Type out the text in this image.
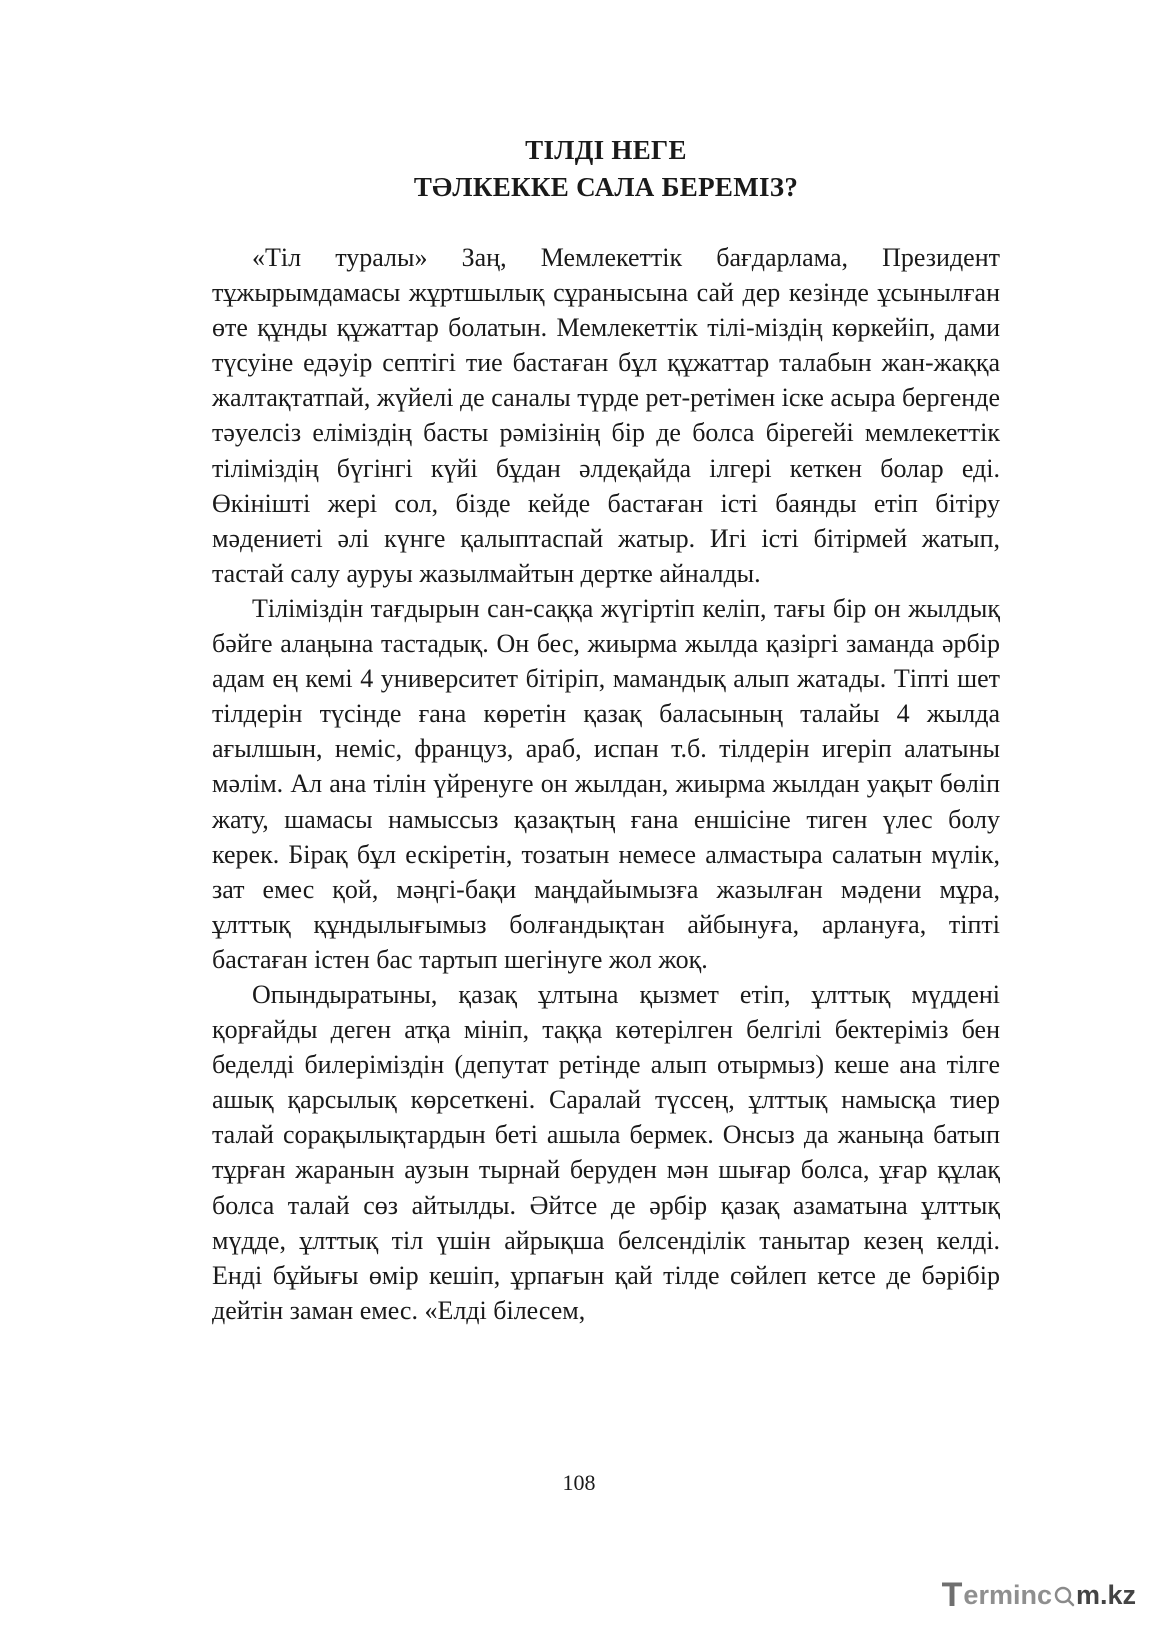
ТІЛДІ НЕГЕ
ТӘЛКЕККЕ САЛА БЕРЕМІЗ?

«Тіл туралы» Заң, Мемлекеттік бағдарлама, Президент тұжырымдамасы жұртшылық сұранысына сай дер кезінде ұсынылған өте құнды құжаттар болатын. Мемлекеттік тілі-міздің көркейіп, дами түсуіне едәуір септігі тие бастаған бұл құжаттар талабын жан-жаққа жалтақтатпай, жүйелі де саналы түрде рет-ретімен іске асыра бергенде тәуелсіз еліміздің басты рәмізінің бір де болса бірегейі мемлекеттік тіліміздің бүгінгі күйі бұдан әлдеқайда ілгері кеткен болар еді. Өкінішті жері сол, бізде кейде бастаған істі баянды етіп бітіру мәдениеті әлі күнге қалыптаспай жатыр. Игі істі бітірмей жатып, тастай салу ауруы жазылмайтын дертке айналды.

Тіліміздін тағдырын сан-саққа жүгіртіп келіп, тағы бір он жылдық бәйге алаңына тастадық. Он бес, жиырма жылда қазіргі заманда әрбір адам ең кемі 4 университет бітіріп, мамандық алып жатады. Тіпті шет тілдерін түсінде ғана көретін қазақ баласының талайы 4 жылда ағылшын, неміс, француз, араб, испан т.б. тілдерін игеріп алатыны мәлім. Ал ана тілін үйренуге он жылдан, жиырма жылдан уақыт бөліп жату, шамасы намыссыз қазақтың ғана еншісіне тиген үлес болу керек. Бірақ бұл ескіретін, тозатын немесе алмастыра салатын мүлік, зат емес қой, мәңгі-бақи маңдайымызға жазылған мәдени мұра, ұлттық құндылығымыз болғандықтан айбынуға, арлануға, тіпті бастаған істен бас тартып шегінуге жол жоқ.

Опындыратыны, қазақ ұлтына қызмет етіп, ұлттық мүддені қорғайды деген атқа мініп, таққа көтерілген белгілі бектеріміз бен беделді билеріміздін (депутат ретінде алып отырмыз) кеше ана тілге ашық қарсылық көрсеткені. Саралай түссең, ұлттық намысқа тиер талай сорақылықтардын беті ашыла бермек. Онсыз да жаныңа батып тұрған жаранын аузын тырнай беруден мән шығар болса, ұғар құлақ болса талай сөз айтылды. Әйтсе де әрбір қазақ азаматына ұлттық мүдде, ұлттық тіл үшін айрықша белсенділік танытар кезең келді. Енді бұйығы өмір кешіп, ұрпағын қай тілде сөйлеп кетсе де бәрібір дейтін заман емес. «Елді білесем,

108
T erminc m.kz
